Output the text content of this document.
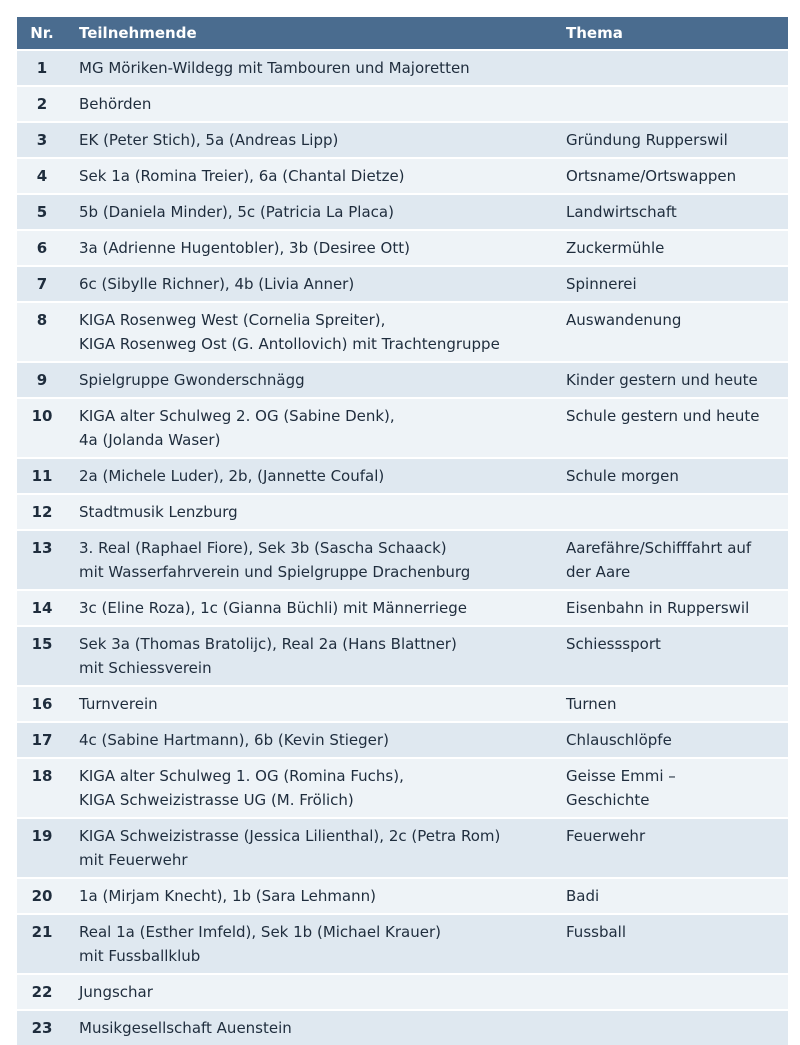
Nr.	Teilnehmende	Thema
1	MG Möriken-Wildegg mit Tambouren und Majoretten	

2	Behörden	

3	EK (Peter Stich), 5a (Andreas Lipp)	Gründung Rupperswil

4	Sek 1a (Romina Treier), 6a (Chantal Dietze)	Ortsname/Ortswappen

5	5b (Daniela Minder), 5c (Patricia La Placa)	Landwirtschaft

6	3a (Adrienne Hugentobler), 3b (Desiree Ott)	Zuckermühle

7	6c (Sibylle Richner), 4b (Livia Anner)	Spinnerei

8	KIGA Rosenweg West (Cornelia Spreiter),
KIGA Rosenweg Ost (G. Antollovich) mit Trachtengruppe	Auswandenung

9	Spielgruppe Gwonderschnägg	Kinder gestern und heute

10	KIGA alter Schulweg 2. OG (Sabine Denk),
4a (Jolanda Waser)	Schule gestern und heute

11	2a (Michele Luder), 2b, (Jannette Coufal)	Schule morgen

12	Stadtmusik Lenzburg	

13	3. Real (Raphael Fiore), Sek 3b (Sascha Schaack)
mit Wasserfahrverein und Spielgruppe Drachenburg	Aarefähre/Schifffahrt auf
der Aare

14	3c (Eline Roza), 1c (Gianna Büchli) mit Männerriege	Eisenbahn in Rupperswil

15	Sek 3a (Thomas Bratolijc), Real 2a (Hans Blattner)
mit Schiessverein	Schiesssport

16	Turnverein	Turnen

17	4c (Sabine Hartmann), 6b (Kevin Stieger)	Chlauschlöpfe

18	KIGA alter Schulweg 1. OG (Romina Fuchs),
KIGA Schweizistrasse UG (M. Frölich)	Geisse Emmi –
Geschichte

19	KIGA Schweizistrasse (Jessica Lilienthal), 2c (Petra Rom)
mit Feuerwehr	Feuerwehr

20	1a (Mirjam Knecht), 1b (Sara Lehmann)	Badi

21	Real 1a (Esther Imfeld), Sek 1b (Michael Krauer)
mit Fussballklub	Fussball

22	Jungschar	

23	Musikgesellschaft Auenstein	
